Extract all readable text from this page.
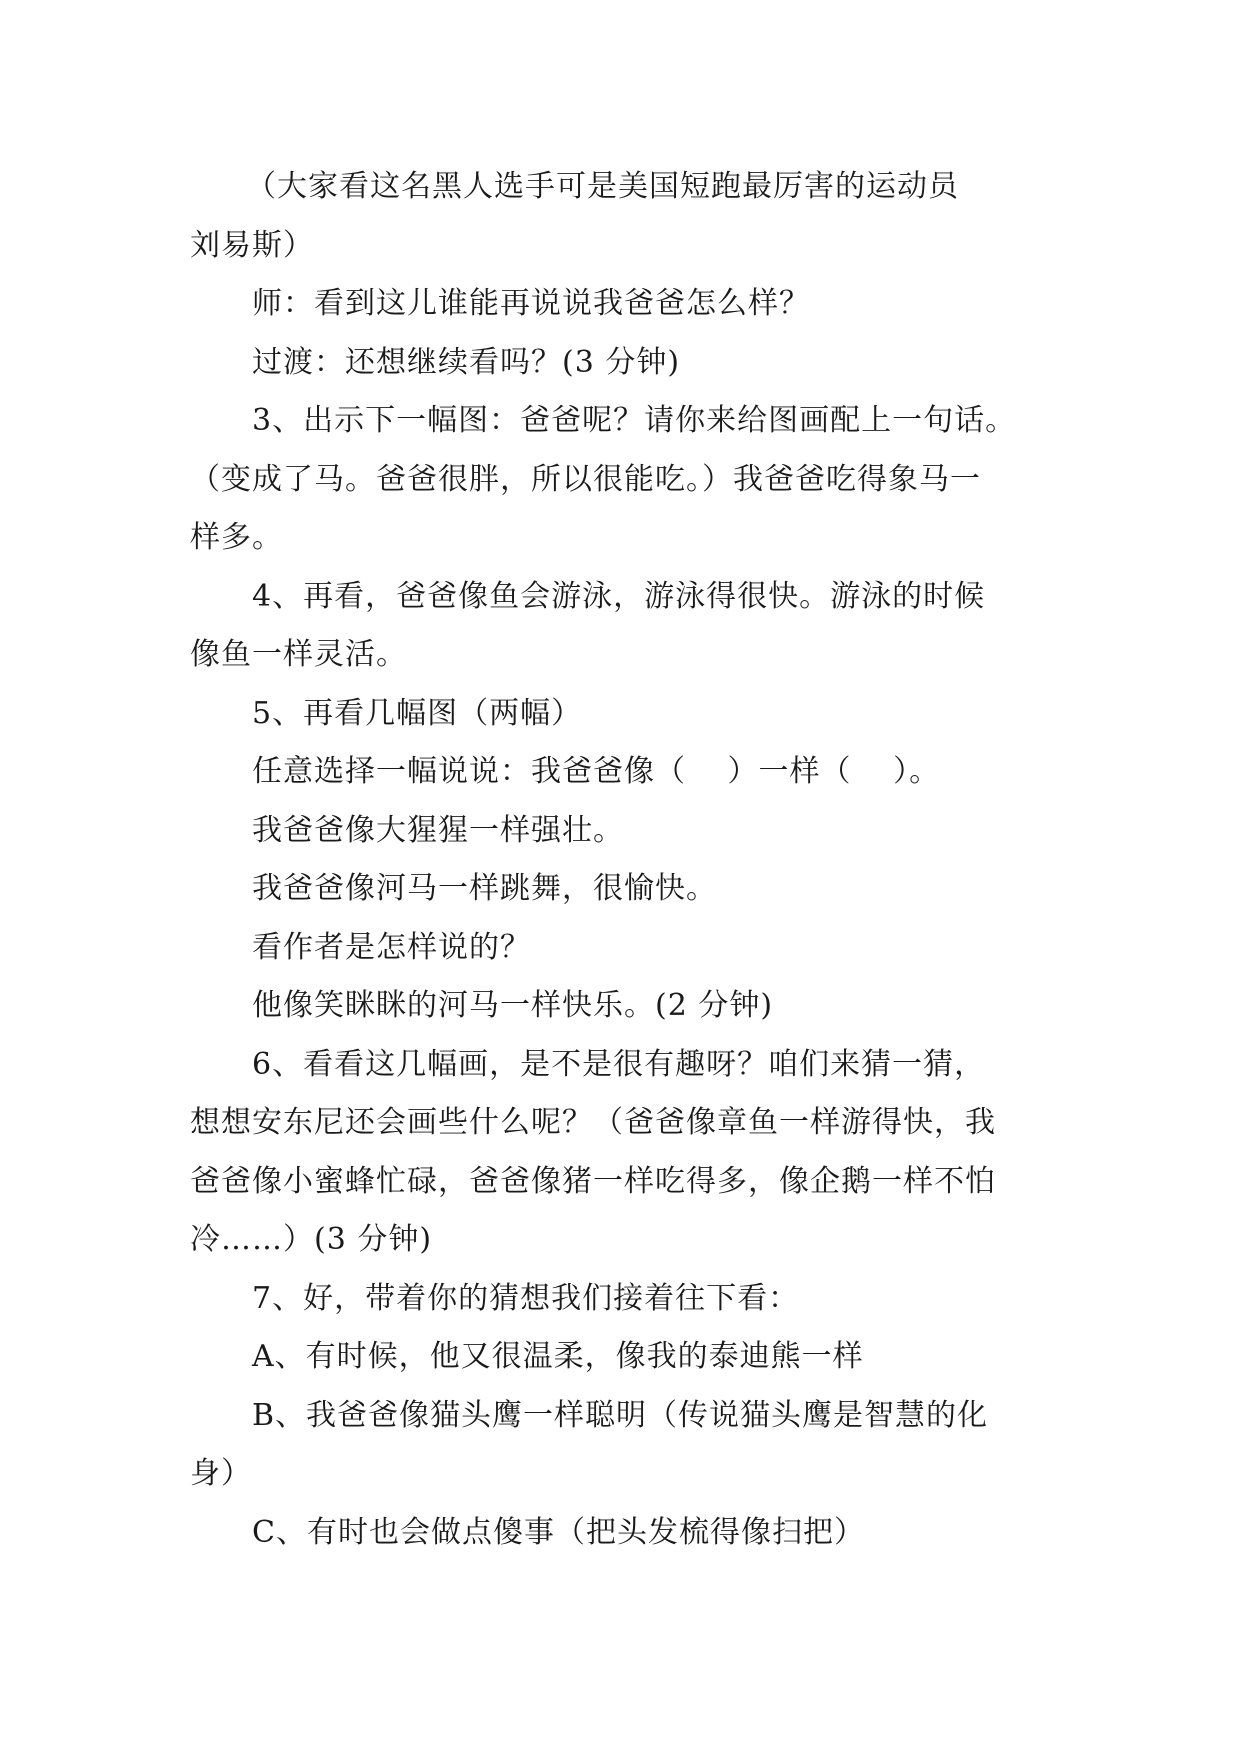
（大家看这名黑人选手可是美国短跑最厉害的运动员
刘易斯）
师：看到这儿谁能再说说我爸爸怎么样？
过渡：还想继续看吗？(3 分钟)
3、出示下一幅图：爸爸呢？请你来给图画配上一句话。
（变成了马。爸爸很胖，所以很能吃。）我爸爸吃得象马一
样多。
4、再看，爸爸像鱼会游泳，游泳得很快。游泳的时候
像鱼一样灵活。
5、再看几幅图（两幅）
任意选择一幅说说：我爸爸像（　 ）一样（　 ）。
我爸爸像大猩猩一样强壮。
我爸爸像河马一样跳舞，很愉快。
看作者是怎样说的？
他像笑眯眯的河马一样快乐。(2 分钟)
6、看看这几幅画，是不是很有趣呀？咱们来猜一猜，
想想安东尼还会画些什么呢？（爸爸像章鱼一样游得快，我
爸爸像小蜜蜂忙碌，爸爸像猪一样吃得多，像企鹅一样不怕
冷……）(3 分钟)
7、好，带着你的猜想我们接着往下看：
A、有时候，他又很温柔，像我的泰迪熊一样
B、我爸爸像猫头鹰一样聪明（传说猫头鹰是智慧的化
身）
C、有时也会做点傻事（把头发梳得像扫把）
